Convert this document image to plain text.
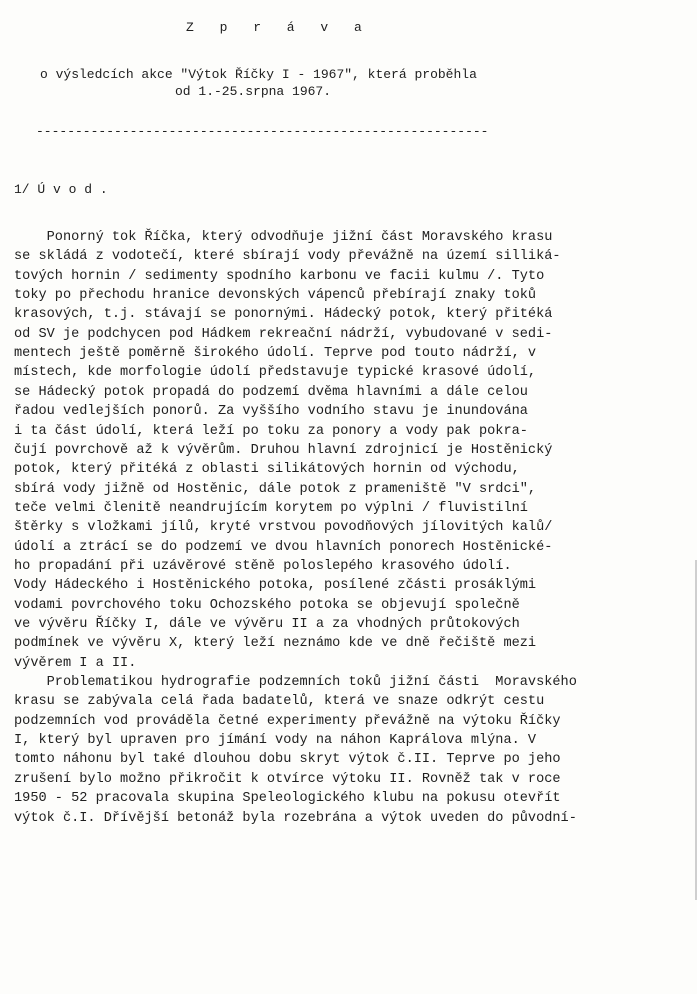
Z p r á v a
o výsledcích akce "Výtok Říčky I - 1967", která proběhla
od 1.-25.srpna 1967.
----------------------------------------------------------
1/ Ú v o d .
Ponorný tok Říčka, který odvodňuje jižní část Moravského krasu
se skládá z vodotečí, které sbírají vody převážně na území silliká-
tových hornin / sedimenty spodního karbonu ve facii kulmu /. Tyto
toky po přechodu hranice devonských vápenců přebírají znaky toků
krasových, t.j. stávají se ponornými. Hádecký potok, který přitéká
od SV je podchycen pod Hádkem rekreační nádrží, vybudované v sedi-
mentech ještě poměrně širokého údolí. Teprve pod touto nádrží, v
místech, kde morfologie údolí představuje typické krasové údolí,
se Hádecký potok propadá do podzemí dvěma hlavními a dále celou
řadou vedlejších ponorů. Za vyššího vodního stavu je inundována
i ta část údolí, která leží po toku za ponory a vody pak pokra-
čují povrchově až k vývěrům. Druhou hlavní zdrojnicí je Hostěnický
potok, který přitéká z oblasti silikátových hornin od východu,
sbírá vody jižně od Hostěnic, dále potok z prameniště "V srdci",
teče velmi členitě neandrujícím korytem po výplni / fluvistilní
štěrky s vložkami jílů, kryté vrstvou povodňových jílovitých kalů/
údolí a ztrácí se do podzemí ve dvou hlavních ponorech Hostěnické-
ho propadání při uzávěrové stěně poloslepého krasového údolí.
Vody Hádeckého i Hostěnického potoka, posílené zčásti prosáklými
vodami povrchového toku Ochozského potoka se objevují společně
ve vývěru Říčky I, dále ve vývěru II a za vhodných průtokových
podmínek ve vývěru X, který leží neznámo kde ve dně řečiště mezi
vývěrem I a II.
Problematikou hydrografie podzemních toků jižní části  Moravského
krasu se zabývala celá řada badatelů, která ve snaze odkrýt cestu
podzemních vod prováděla četné experimenty převážně na výtoku Říčky
I, který byl upraven pro jímání vody na náhon Kaprálova mlýna. V
tomto náhonu byl také dlouhou dobu skryt výtok č.II. Teprve po jeho
zrušení bylo možno přikročit k otvírce výtoku II. Rovněž tak v roce
1950 - 52 pracovala skupina Speleologického klubu na pokusu otevřít
výtok č.I. Dřívější betonáž byla rozebrána a výtok uveden do původní-
